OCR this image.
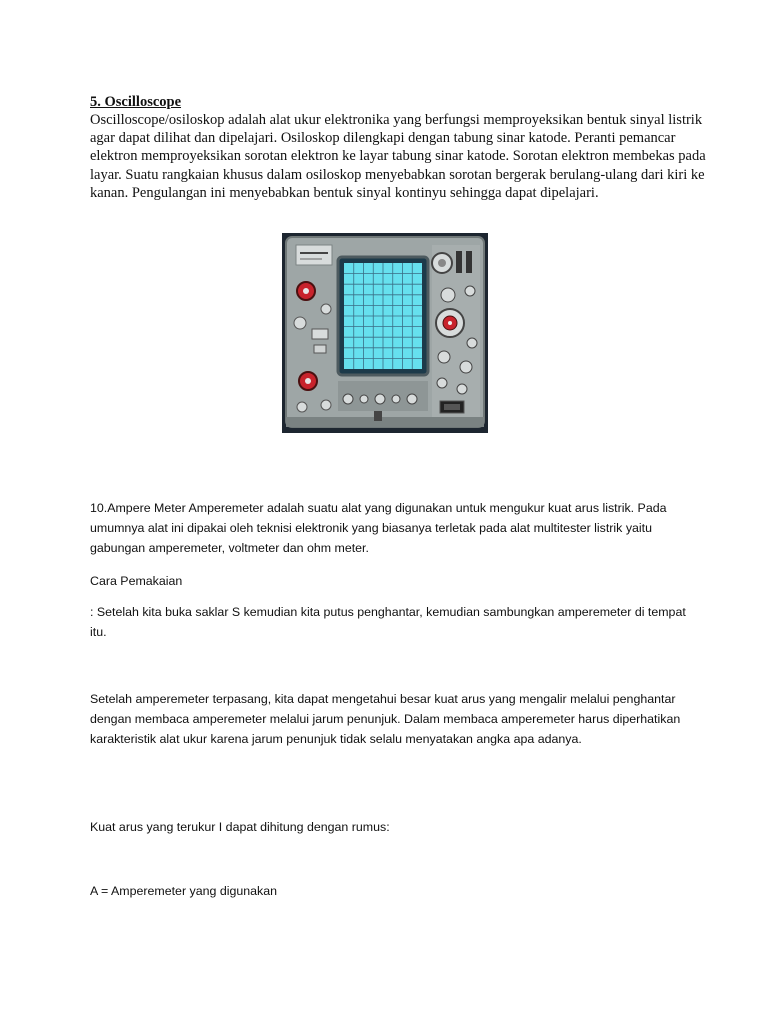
5. Oscilloscope

Oscilloscope/osiloskop adalah alat ukur elektronika yang berfungsi memproyeksikan bentuk sinyal listrik agar dapat dilihat dan dipelajari. Osiloskop dilengkapi dengan tabung sinar katode. Peranti pemancar elektron memproyeksikan sorotan elektron ke layar tabung sinar katode. Sorotan elektron membekas pada layar. Suatu rangkaian khusus dalam osiloskop menyebabkan sorotan bergerak berulang-ulang dari kiri ke kanan. Pengulangan ini menyebabkan bentuk sinyal kontinyu sehingga dapat dipelajari.

10.Ampere Meter Amperemeter adalah suatu alat yang digunakan untuk mengukur kuat arus listrik. Pada umumnya alat ini dipakai oleh teknisi elektronik yang biasanya terletak pada alat multitester listrik yaitu gabungan amperemeter, voltmeter dan ohm meter.

Cara Pemakaian

: Setelah kita buka saklar S kemudian kita putus penghantar, kemudian sambungkan amperemeter di tempat itu.

Setelah amperemeter terpasang, kita dapat mengetahui besar kuat arus yang mengalir melalui penghantar dengan membaca amperemeter melalui jarum penunjuk. Dalam membaca amperemeter harus diperhatikan karakteristik alat ukur karena jarum penunjuk tidak selalu menyatakan angka apa adanya.

Kuat arus yang terukur I dapat dihitung dengan rumus:

A = Amperemeter yang digunakan
